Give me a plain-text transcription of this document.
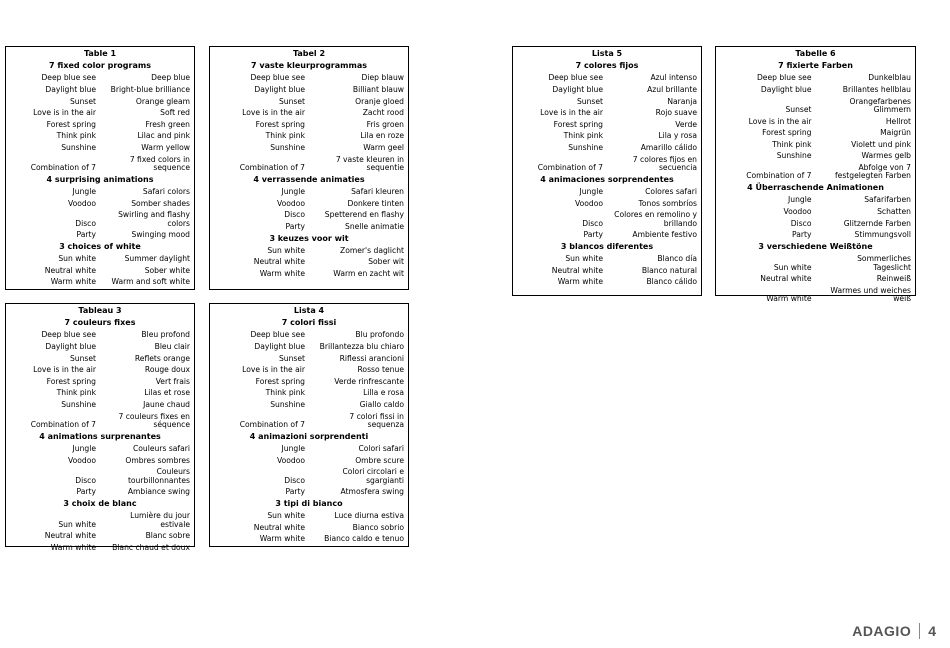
Table 1	
7 fixed color programs	
Deep blue see	Deep blue
Daylight blue	Bright-blue brilliance
Sunset	Orange gleam
Love is in the air	Soft red
Forest spring	Fresh green
Think pink	Lilac and pink
Sunshine	Warm yellow
Combination of 7	7 fixed colors in sequence
4 surprising animations	
Jungle	Safari colors
Voodoo	Somber shades
Disco	Swirling and flashy colors
Party	Swinging mood
3 choices of white	
Sun white	Summer daylight
Neutral white	Sober white
Warm white	Warm and soft white
Tabel 2	
7 vaste kleurprogrammas	
Deep blue see	Diep blauw
Daylight blue	Billiant blauw
Sunset	Oranje gloed
Love is in the air	Zacht rood
Forest spring	Fris groen
Think pink	Lila en roze
Sunshine	Warm geel
Combination of 7	7 vaste kleuren in sequentie
4 verrassende animaties	
Jungle	Safari kleuren
Voodoo	Donkere tinten
Disco	Spetterend en flashy
Party	Snelle animatie
3 keuzes voor wit	
Sun white	Zomer's daglicht
Neutral white	Sober wit
Warm white	Warm en zacht wit
Lista 5	
7 colores fijos	
Deep blue see	Azul intenso
Daylight blue	Azul brillante
Sunset	Naranja
Love is in the air	Rojo suave
Forest spring	Verde
Think pink	Lila y rosa
Sunshine	Amarillo cálido
Combination of 7	7 colores fijos en secuencia
4 animaciones sorprendentes	
Jungle	Colores safari
Voodoo	Tonos sombríos
Disco	Colores en remolino y brillando
Party	Ambiente festivo
3 blancos diferentes	
Sun white	Blanco día
Neutral white	Blanco natural
Warm white	Blanco cálido
Tabelle 6	
7 fixierte Farben	
Deep blue see	Dunkelblau
Daylight blue	Brillantes hellblau
Sunset	Orangefarbenes Glimmern
Love is in the air	Hellrot
Forest spring	Maigrün
Think pink	Violett und pink
Sunshine	Warmes gelb
Combination of 7	Abfolge von 7 festgelegten Farben
4 Überraschende Animationen	
Jungle	Safarifarben
Voodoo	Schatten
Disco	Glitzernde Farben
Party	Stimmungsvoll
3 verschiedene Weißtöne	
Sun white	Sommerliches Tageslicht
Neutral white	Reinweiß
Warm white	Warmes und weiches weiß
Tableau 3	
7 couleurs fixes	
Deep blue see	Bleu profond
Daylight blue	Bleu clair
Sunset	Reflets orange
Love is in the air	Rouge doux
Forest spring	Vert frais
Think pink	Lilas et rose
Sunshine	Jaune chaud
Combination of 7	7 couleurs fixes en séquence
4 animations surprenantes	
Jungle	Couleurs safari
Voodoo	Ombres sombres
Disco	Couleurs tourbillonnantes
Party	Ambiance swing
3 choix de blanc	
Sun white	Lumière du jour estivale
Neutral white	Blanc sobre
Warm white	Blanc chaud et doux
Lista 4	
7 colori fissi	
Deep blue see	Blu profondo
Daylight blue	Brillantezza blu chiaro
Sunset	Riflessi arancioni
Love is in the air	Rosso tenue
Forest spring	Verde rinfrescante
Think pink	Lilla e rosa
Sunshine	Giallo caldo
Combination of 7	7 colori fissi in sequenza
4 animazioni sorprendenti	
Jungle	Colori safari
Voodoo	Ombre scure
Disco	Colori circolari e sgargianti
Party	Atmosfera swing
3 tipi di bianco	
Sun white	Luce diurna estiva
Neutral white	Bianco sobrio
Warm white	Bianco caldo e tenuo
ADAGIO 4
